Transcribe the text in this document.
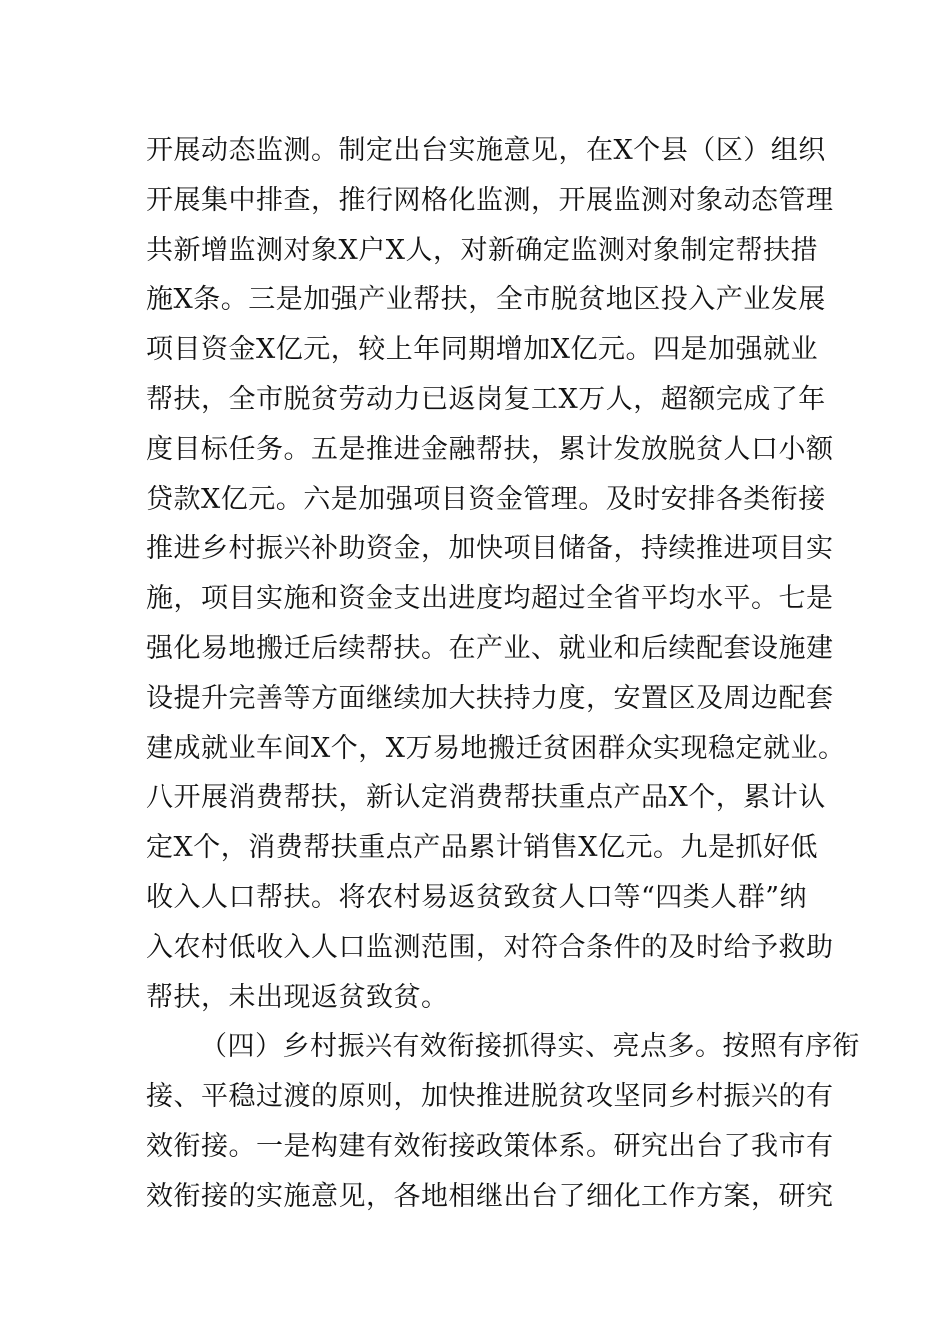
开展动态监测。制定出台实施意见，在X个县（区）组织
开展集中排查，推行网格化监测，开展监测对象动态管理
共新增监测对象X户X人，对新确定监测对象制定帮扶措
施X条。三是加强产业帮扶，全市脱贫地区投入产业发展
项目资金X亿元，较上年同期增加X亿元。四是加强就业
帮扶，全市脱贫劳动力已返岗复工X万人，超额完成了年
度目标任务。五是推进金融帮扶，累计发放脱贫人口小额
贷款X亿元。六是加强项目资金管理。及时安排各类衔接
推进乡村振兴补助资金，加快项目储备，持续推进项目实
施，项目实施和资金支出进度均超过全省平均水平。七是
强化易地搬迁后续帮扶。在产业、就业和后续配套设施建
设提升完善等方面继续加大扶持力度，安置区及周边配套
建成就业车间X个，X万易地搬迁贫困群众实现稳定就业。
八开展消费帮扶，新认定消费帮扶重点产品X个，累计认
定X个，消费帮扶重点产品累计销售X亿元。九是抓好低
收入人口帮扶。将农村易返贫致贫人口等“四类人群”纳
入农村低收入人口监测范围，对符合条件的及时给予救助
帮扶，未出现返贫致贫。
（四）乡村振兴有效衔接抓得实、亮点多。按照有序衔
接、平稳过渡的原则，加快推进脱贫攻坚同乡村振兴的有
效衔接。一是构建有效衔接政策体系。研究出台了我市有
效衔接的实施意见，各地相继出台了细化工作方案，研究
